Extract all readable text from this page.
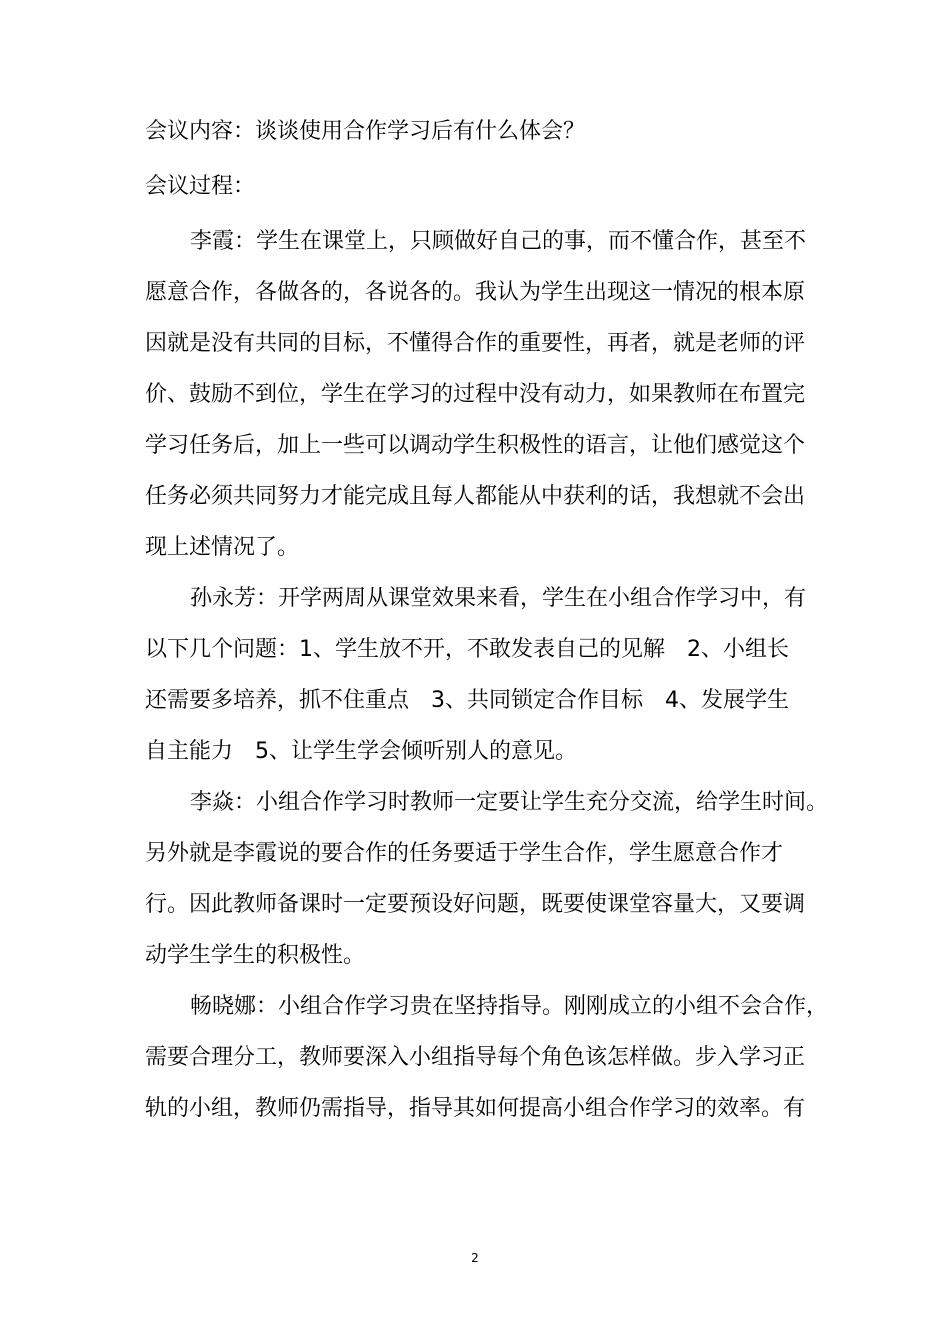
会议内容：谈谈使用合作学习后有什么体会？
会议过程：
李霞：学生在课堂上，只顾做好自己的事，而不懂合作，甚至不
愿意合作，各做各的，各说各的。我认为学生出现这一情况的根本原
因就是没有共同的目标，不懂得合作的重要性，再者，就是老师的评
价、鼓励不到位，学生在学习的过程中没有动力，如果教师在布置完
学习任务后，加上一些可以调动学生积极性的语言，让他们感觉这个
任务必须共同努力才能完成且每人都能从中获利的话，我想就不会出
现上述情况了。
孙永芳：开学两周从课堂效果来看，学生在小组合作学习中，有
以下几个问题：1、学生放不开，不敢发表自己的见解　2、小组长
还需要多培养，抓不住重点　3、共同锁定合作目标　4、发展学生
自主能力　5、让学生学会倾听别人的意见。
李焱：小组合作学习时教师一定要让学生充分交流，给学生时间。
另外就是李霞说的要合作的任务要适于学生合作，学生愿意合作才
行。因此教师备课时一定要预设好问题，既要使课堂容量大，又要调
动学生学生的积极性。
畅晓娜：小组合作学习贵在坚持指导。刚刚成立的小组不会合作，
需要合理分工，教师要深入小组指导每个角色该怎样做。步入学习正
轨的小组，教师仍需指导，指导其如何提高小组合作学习的效率。有
2
